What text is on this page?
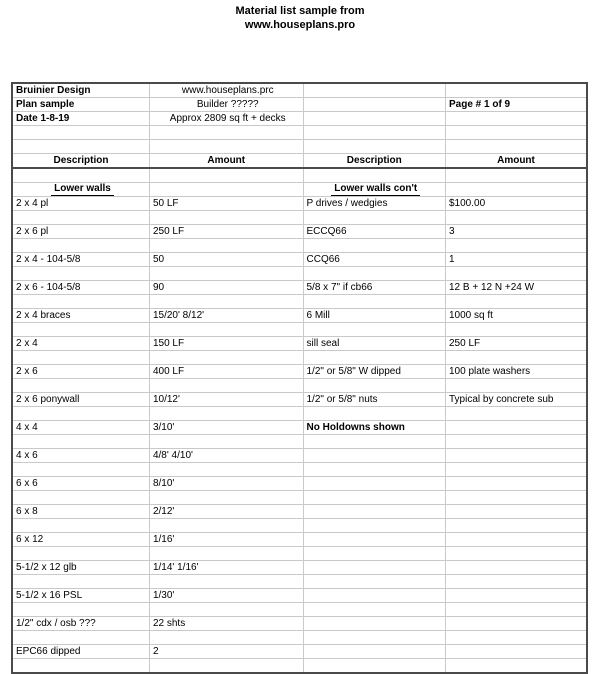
Material list sample from
www.houseplans.pro
Bruinier Design	www.houseplans.prc		
Plan sample	Builder ?????		Page # 1 of 9
Date 1-8-19	Approx 2809 sq ft + decks		

Description	Amount	Description	Amount

Lower walls		Lower walls con't	
2 x 4 pl	50 LF	P drives / wedgies	$100.00

2 x 6 pl	250 LF	ECCQ66	3

2 x 4 - 104-5/8	50	CCQ66	1

2 x 6 - 104-5/8	90	5/8 x 7" if cb66	12 B + 12 N +24 W

2 x 4 braces	15/20' 8/12'	6 Mill	1000 sq ft

2 x 4	150 LF	sill seal	250 LF

2 x 6	400 LF	1/2" or 5/8" W dipped	100 plate washers

2 x 6 ponywall	10/12'	1/2" or 5/8" nuts	Typical by concrete sub

4 x 4	3/10'	No Holdowns shown	

4 x 6	4/8' 4/10'		

6 x 6	8/10'		

6 x 8	2/12'		

6 x 12	1/16'		

5-1/2 x 12 glb	1/14' 1/16'		

5-1/2 x 16 PSL	1/30'		

1/2" cdx / osb ???	22 shts		

EPC66 dipped	2		
